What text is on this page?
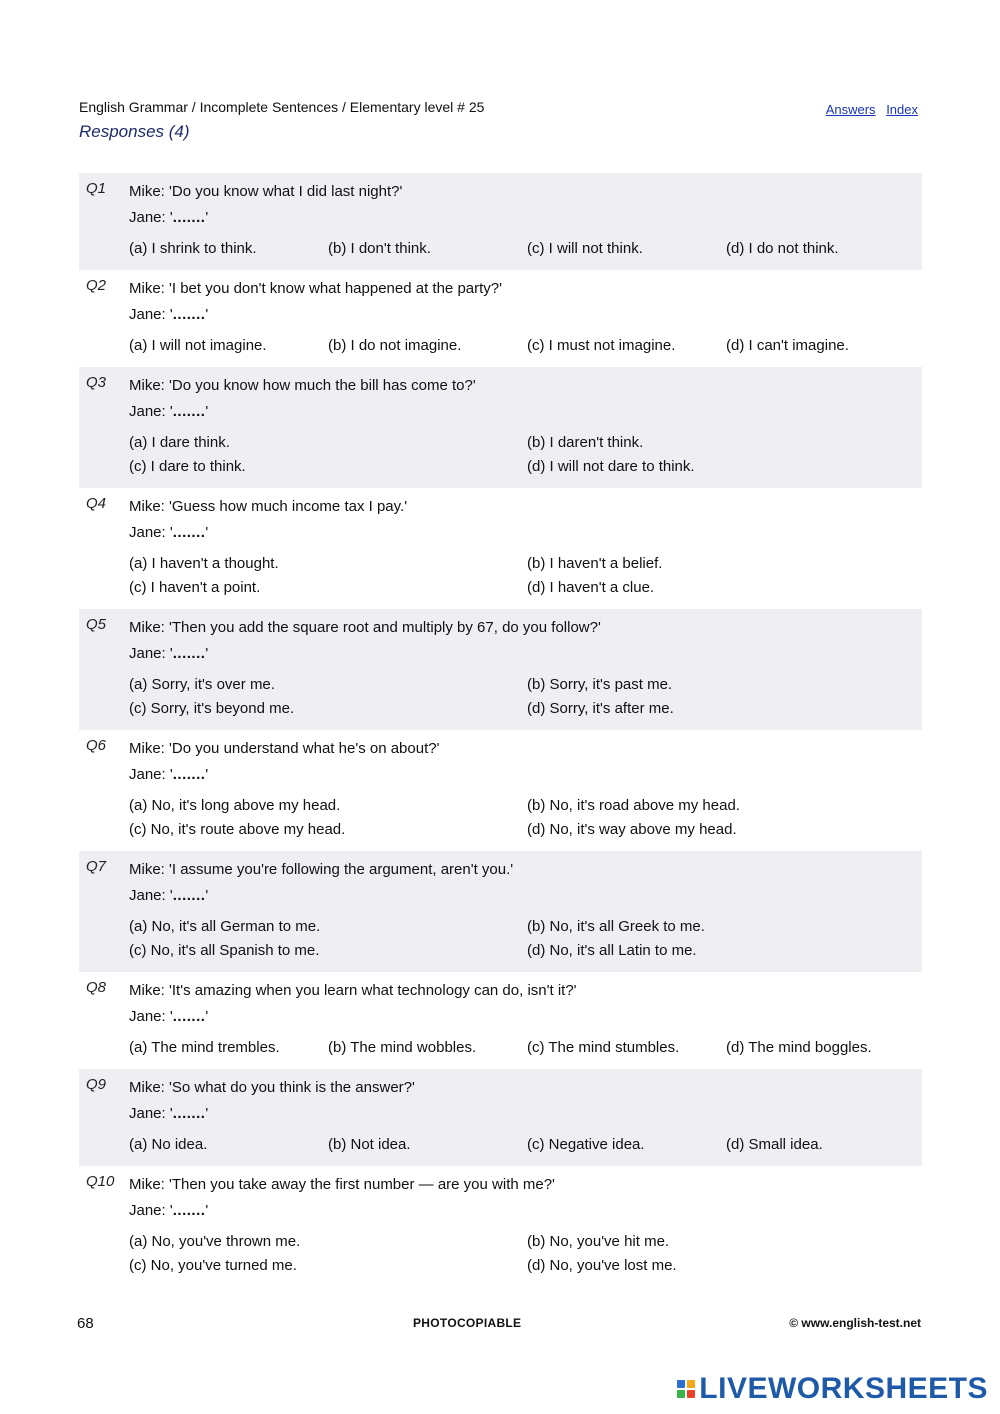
English Grammar / Incomplete Sentences / Elementary level # 25
Responses (4)
Answers Index
Q1 Mike: 'Do you know what I did last night?'
Jane: '.......'
(a) I shrink to think.	(b) I don't think.	(c) I will not think.	(d) I do not think.
Q2 Mike: 'I bet you don't know what happened at the party?'
Jane: '.......'
(a) I will not imagine.	(b) I do not imagine.	(c) I must not imagine.	(d) I can't imagine.
Q3 Mike: 'Do you know how much the bill has come to?'
Jane: '.......'
(a) I dare think.	(b) I daren't think.
(c) I dare to think.	(d) I will not dare to think.
Q4 Mike: 'Guess how much income tax I pay.'
Jane: '.......'
(a) I haven't a thought.	(b) I haven't a belief.
(c) I haven't a point.	(d) I haven't a clue.
Q5 Mike: 'Then you add the square root and multiply by 67, do you follow?'
Jane: '.......'
(a) Sorry, it's over me.	(b) Sorry, it's past me.
(c) Sorry, it's beyond me.	(d) Sorry, it's after me.
Q6 Mike: 'Do you understand what he's on about?'
Jane: '.......'
(a) No, it's long above my head.	(b) No, it's road above my head.
(c) No, it's route above my head.	(d) No, it's way above my head.
Q7 Mike: 'I assume you're following the argument, aren't you.'
Jane: '.......'
(a) No, it's all German to me.	(b) No, it's all Greek to me.
(c) No, it's all Spanish to me.	(d) No, it's all Latin to me.
Q8 Mike: 'It's amazing when you learn what technology can do, isn't it?'
Jane: '.......'
(a) The mind trembles.	(b) The mind wobbles.	(c) The mind stumbles.	(d) The mind boggles.
Q9 Mike: 'So what do you think is the answer?'
Jane: '.......'
(a) No idea.	(b) Not idea.	(c) Negative idea.	(d) Small idea.
Q10 Mike: 'Then you take away the first number — are you with me?'
Jane: '.......'
(a) No, you've thrown me.	(b) No, you've hit me.
(c) No, you've turned me.	(d) No, you've lost me.
68	PHOTOCOPIABLE	© www.english-test.net
LIVEWORKSHEETS
